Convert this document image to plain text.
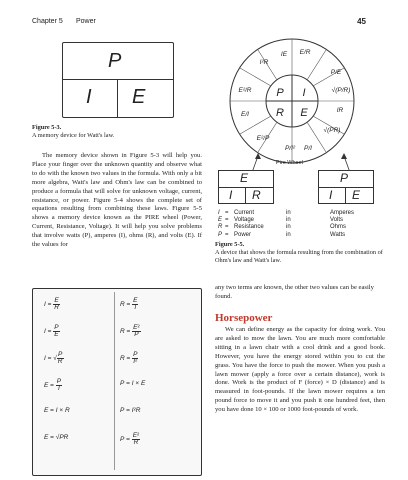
Chapter 5 Power	45
P
I E
Figure 5-3.
A memory device for Watt's law.
IE E/R
P/E
√(P/R)
IR
√(PR)
P/I
P/I²
E²/P
E/I
E²/R
I²R
P I
R E
Pire Wheel
E
I R
P
I E
I = Current	in	Amperes
E = Voltage	in	Volts
R = Resistance	in	Ohms
P = Power	in	Watts
Figure 5-5.
A device that shows the formula resulting from the combination of Ohm's law and Watt's law.
The memory device shown in Figure 5-3 will help you. Place your finger over the unknown quantity and observe what to do with the known two values in the formula. With only a bit more algebra, Watt's law and Ohm's law can be combined to produce a formula that will solve for unknown voltage, current, resistance, or power. Figure 5-4 shows the complete set of equations resulting from combining these laws. Figure 5-5 shows a memory device known as the PIRE wheel (Power, Current, Resistance, Voltage). It will help you solve problems that involve watts (P), amperes (I), ohms (R), and volts (E). If the values for
any two terms are known, the other two values can be easily found.
Horsepower
We can define energy as the capacity for doing work. You are asked to mow the lawn. You are much more comfortable sitting in a lawn chair with a cool drink and a good book. However, you have the energy stored within you to cut the grass. You have the force to push the mower. When you push a lawn mower (apply a force over a certain distance), work is done. Work is the product of F (force) × D (distance) and is measured in foot-pounds. If the lawn mower requires a ten pound force to move it and you push it one hundred feet, then you have done 10 × 100 or 1000 foot-pounds of work.
$I = \frac{E}{R}$
$I = \frac{P}{E}$
I = √ $\frac{P}{R}$
$E = \frac{P}{I}$
E = I × R
E = √PR
$R = \frac{E}{I}$
$R = \frac{\text{E²}}{P}$
$R = \frac{P}{\text{I²}}$
P = I × E
P = I²R
$P = \frac{\text{E²}}{R}$
